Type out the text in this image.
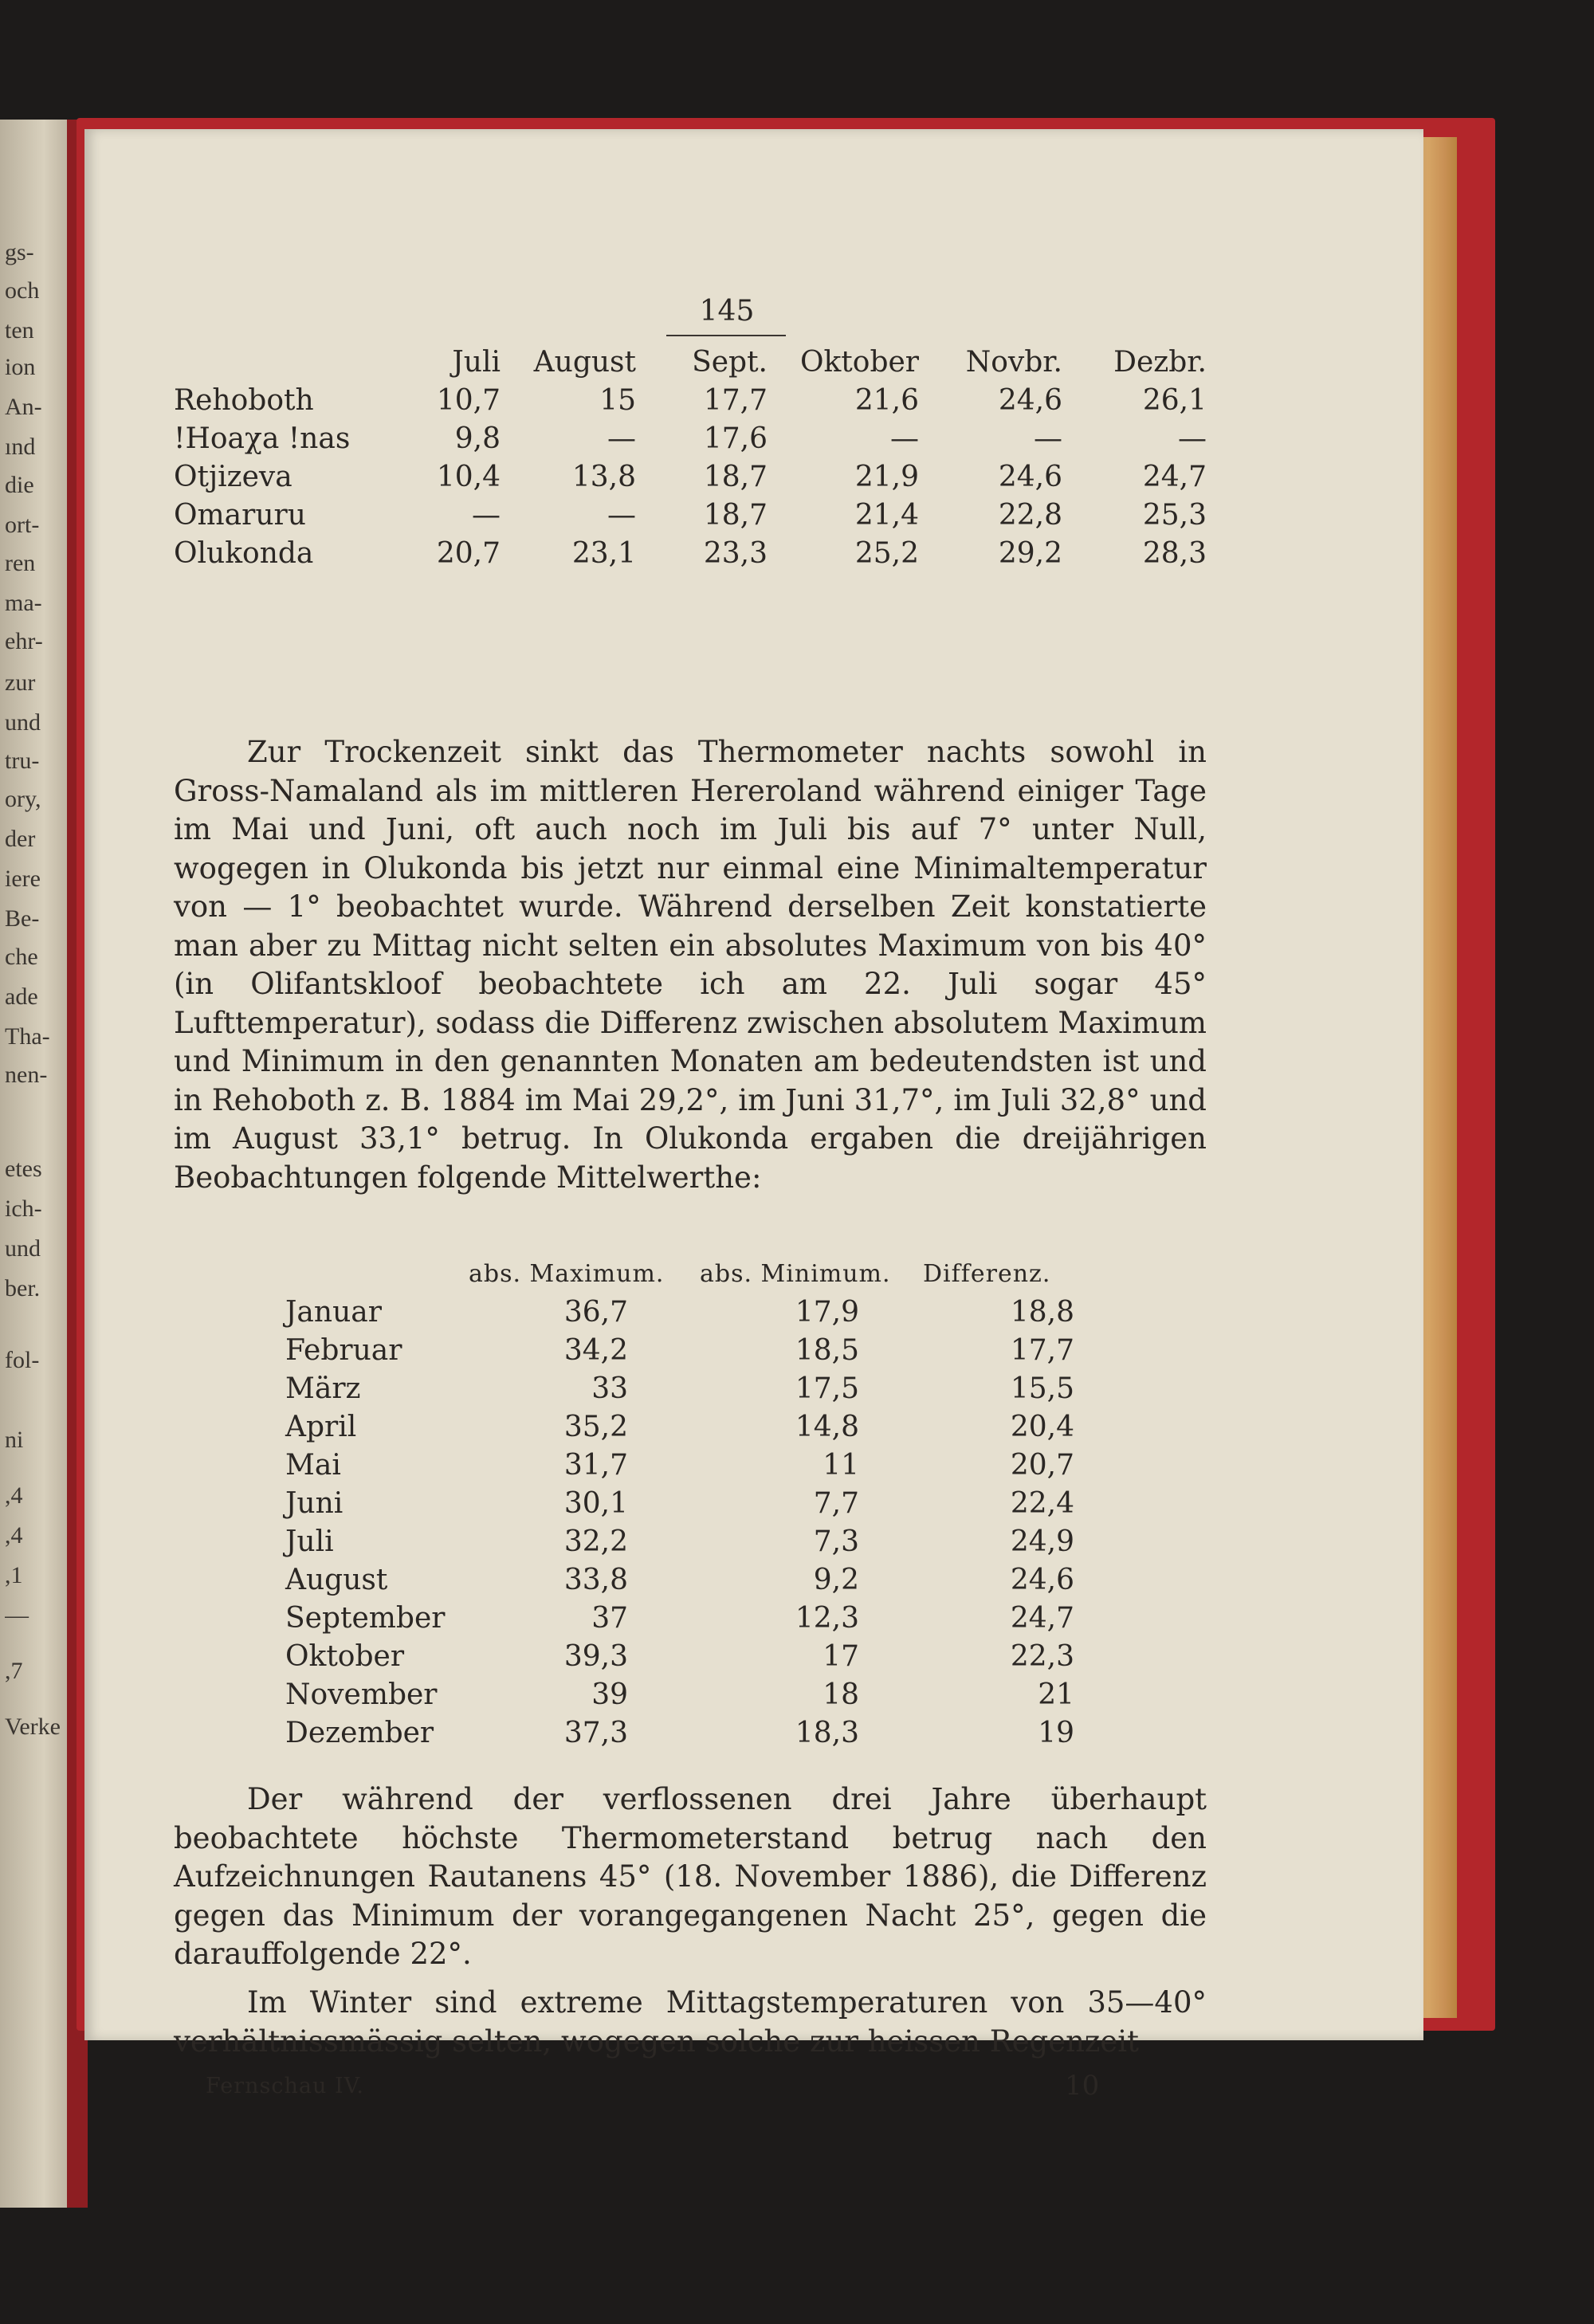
gs-
och
ten
ion
An-
ınd
die
ort-
ren
ma-
ehr-
zur
und
tru-
ory,
der
iere
Be-
che
ade
Tha-
nen-
etes
ich-
und
ber.
fol-
ni
,4
,4
,1
—
,7
Verke
145
	Juli	August	Sept.	Oktober	Novbr.	Dezbr.
Rehoboth	10,7	15	17,7	21,6	24,6	26,1
!Hoaχa !nas	9,8	—	17,6	—	—	—
Otjizeva	10,4	13,8	18,7	21,9	24,6	24,7
Omaruru	—	—	18,7	21,4	22,8	25,3
Olukonda	20,7	23,1	23,3	25,2	29,2	28,3

Zur Trockenzeit sinkt das Thermometer nachts sowohl in Gross-Namaland als im mittleren Hereroland während einiger Tage im Mai und Juni, oft auch noch im Juli bis auf 7° unter Null, wogegen in Olukonda bis jetzt nur einmal eine Minimaltemperatur von — 1° beobachtet wurde. Während derselben Zeit konstatierte man aber zu Mittag nicht selten ein absolutes Maximum von bis 40° (in Olifantskloof beobachtete ich am 22. Juli sogar 45° Lufttemperatur), sodass die Differenz zwischen absolutem Maximum und Minimum in den genannten Monaten am bedeutendsten ist und in Rehoboth z. B. 1884 im Mai 29,2°, im Juni 31,7°, im Juli 32,8° und im August 33,1° betrug. In Olukonda ergaben die dreijährigen Beobachtungen folgende Mittelwerthe:

	abs. Maximum.		abs. Minimum.		Differenz.	
Januar	36,7		17,9		18,8	
Februar	34,2		18,5		17,7	
März	33		17,5		15,5	
April	35,2		14,8		20,4	
Mai	31,7		11		20,7	
Juni	30,1		7,7		22,4	
Juli	32,2		7,3		24,9	
August	33,8		9,2		24,6	
September	37		12,3		24,7	
Oktober	39,3		17		22,3	
November	39		18		21	
Dezember	37,3		18,3		19	

Der während der verflossenen drei Jahre überhaupt beobachtete höchste Thermometerstand betrug nach den Aufzeichnungen Rautanens 45° (18. November 1886), die Differenz gegen das Minimum der vorangegangenen Nacht 25°, gegen die darauffolgende 22°.

Im Winter sind extreme Mittagstemperaturen von 35—40° verhältnissmässig selten, wogegen solche zur heissen Regenzeit

Fernschau IV.	10
